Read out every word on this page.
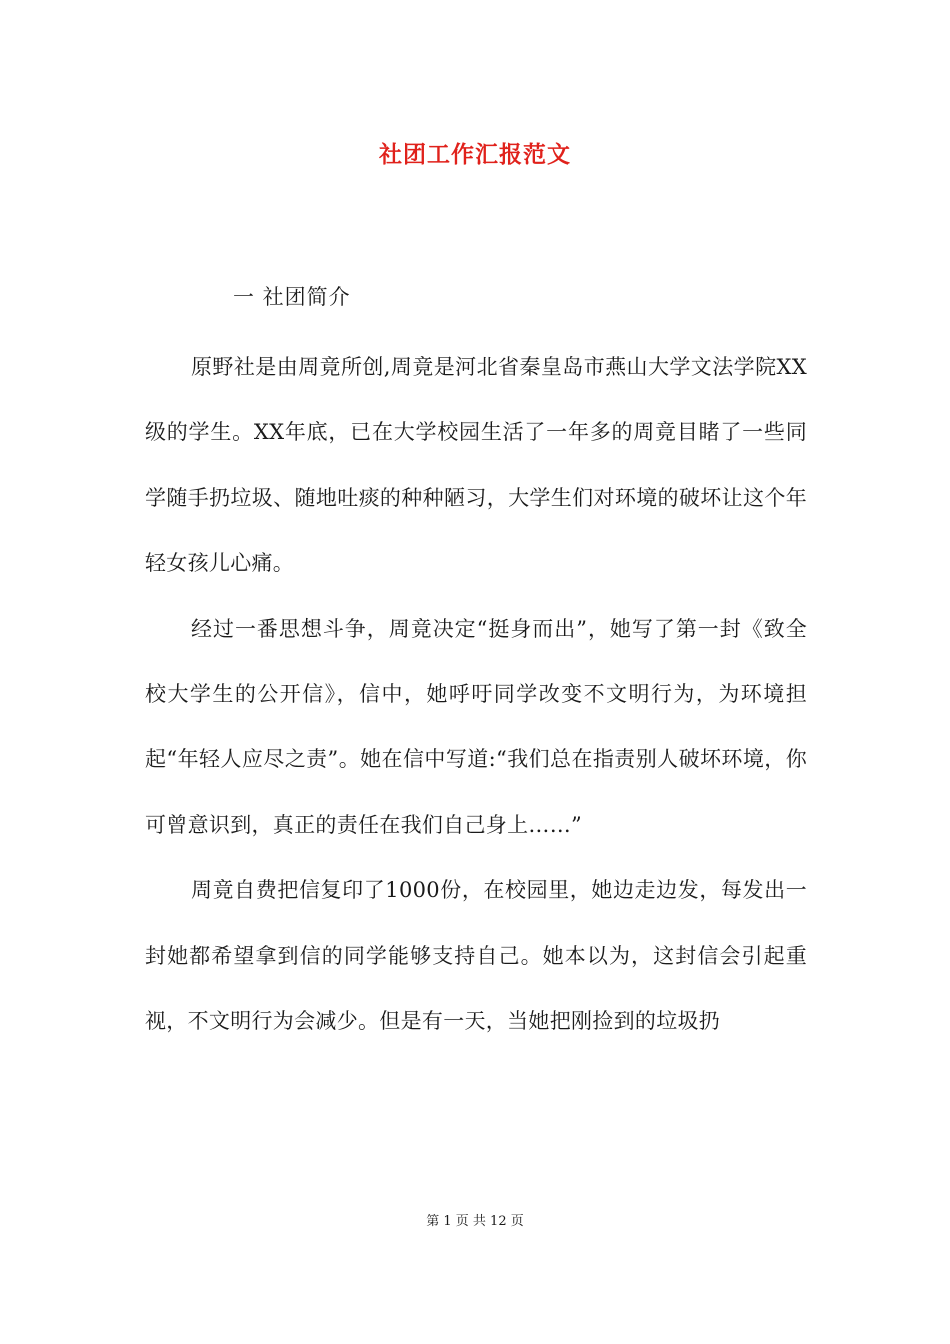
社团工作汇报范文
一 社团简介

原野社是由周竟所创,周竟是河北省秦皇岛市燕山大学文法学院XX级的学生。XX年底，已在大学校园生活了一年多的周竟目睹了一些同学随手扔垃圾、随地吐痰的种种陋习，大学生们对环境的破坏让这个年轻女孩儿心痛。

经过一番思想斗争，周竟决定“挺身而出”，她写了第一封《致全校大学生的公开信》，信中，她呼吁同学改变不文明行为，为环境担起“年轻人应尽之责”。她在信中写道:“我们总在指责别人破坏环境，你可曾意识到，真正的责任在我们自己身上……”

周竟自费把信复印了1000份，在校园里，她边走边发，每发出一封她都希望拿到信的同学能够支持自己。她本以为，这封信会引起重视，不文明行为会减少。但是有一天，当她把刚捡到的垃圾扔

第 1 页 共 12 页
